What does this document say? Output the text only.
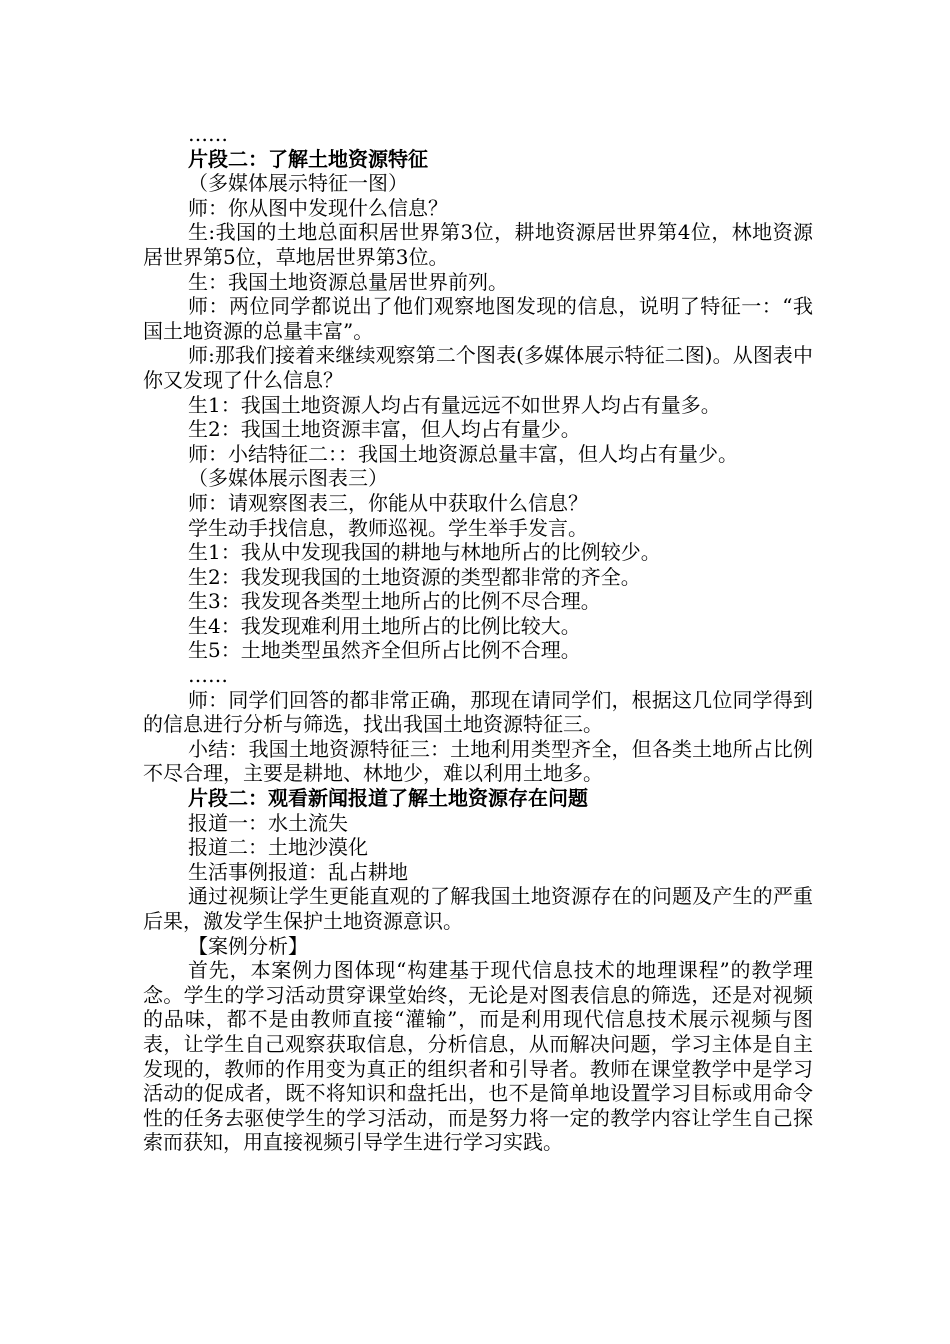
……

片段二：了解土地资源特征

（多媒体展示特征一图）

师：你从图中发现什么信息？

生:我国的土地总面积居世界第3位，耕地资源居世界第4位，林地资源居世界第5位，草地居世界第3位。

生：我国土地资源总量居世界前列。

师：两位同学都说出了他们观察地图发现的信息，说明了特征一：“我国土地资源的总量丰富”。

师:那我们接着来继续观察第二个图表(多媒体展示特征二图)。从图表中你又发现了什么信息？

生1：我国土地资源人均占有量远远不如世界人均占有量多。

生2：我国土地资源丰富，但人均占有量少。

师：小结特征二：：我国土地资源总量丰富，但人均占有量少。

（多媒体展示图表三）

师：请观察图表三，你能从中获取什么信息？

学生动手找信息，教师巡视。学生举手发言。

生1：我从中发现我国的耕地与林地所占的比例较少。

生2：我发现我国的土地资源的类型都非常的齐全。

生3：我发现各类型土地所占的比例不尽合理。

生4：我发现难利用土地所占的比例比较大。

生5：土地类型虽然齐全但所占比例不合理。

……

师：同学们回答的都非常正确，那现在请同学们，根据这几位同学得到的信息进行分析与筛选，找出我国土地资源特征三。

小结：我国土地资源特征三：土地利用类型齐全，但各类土地所占比例不尽合理，主要是耕地、林地少，难以利用土地多。

片段二：观看新闻报道了解土地资源存在问题

报道一：水土流失

报道二：土地沙漠化

生活事例报道：乱占耕地

通过视频让学生更能直观的了解我国土地资源存在的问题及产生的严重后果，激发学生保护土地资源意识。

【案例分析】

首先，本案例力图体现“构建基于现代信息技术的地理课程”的教学理念。学生的学习活动贯穿课堂始终，无论是对图表信息的筛选，还是对视频的品味，都不是由教师直接“灌输”，而是利用现代信息技术展示视频与图表，让学生自己观察获取信息，分析信息，从而解决问题，学习主体是自主发现的，教师的作用变为真正的组织者和引导者。教师在课堂教学中是学习活动的促成者，既不将知识和盘托出，也不是简单地设置学习目标或用命令性的任务去驱使学生的学习活动，而是努力将一定的教学内容让学生自己探索而获知，用直接视频引导学生进行学习实践。
